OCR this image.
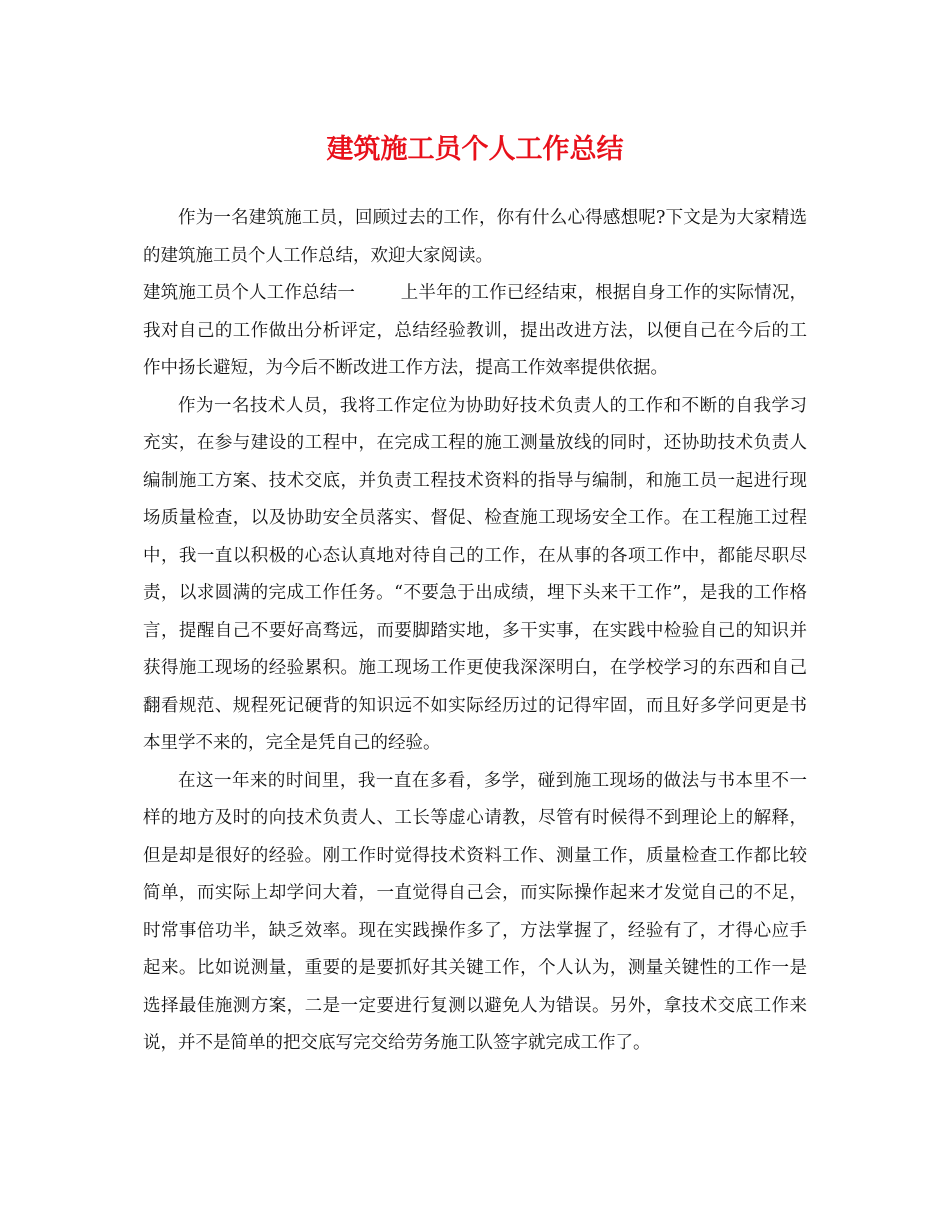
建筑施工员个人工作总结

作为一名建筑施工员，回顾过去的工作，你有什么心得感想呢?下文是为大家精选的建筑施工员个人工作总结，欢迎大家阅读。

建筑施工员个人工作总结一	上半年的工作已经结束，根据自身工作的实际情况，我对自己的工作做出分析评定，总结经验教训，提出改进方法，以便自己在今后的工作中扬长避短，为今后不断改进工作方法，提高工作效率提供依据。

作为一名技术人员，我将工作定位为协助好技术负责人的工作和不断的自我学习充实，在参与建设的工程中，在完成工程的施工测量放线的同时，还协助技术负责人编制施工方案、技术交底，并负责工程技术资料的指导与编制，和施工员一起进行现场质量检查，以及协助安全员落实、督促、检查施工现场安全工作。在工程施工过程中，我一直以积极的心态认真地对待自己的工作，在从事的各项工作中，都能尽职尽责，以求圆满的完成工作任务。“不要急于出成绩，埋下头来干工作”，是我的工作格言，提醒自己不要好高骛远，而要脚踏实地，多干实事，在实践中检验自己的知识并获得施工现场的经验累积。施工现场工作更使我深深明白，在学校学习的东西和自己翻看规范、规程死记硬背的知识远不如实际经历过的记得牢固，而且好多学问更是书本里学不来的，完全是凭自己的经验。

在这一年来的时间里，我一直在多看，多学，碰到施工现场的做法与书本里不一样的地方及时的向技术负责人、工长等虚心请教，尽管有时候得不到理论上的解释，但是却是很好的经验。刚工作时觉得技术资料工作、测量工作，质量检查工作都比较简单，而实际上却学问大着，一直觉得自己会，而实际操作起来才发觉自己的不足，时常事倍功半，缺乏效率。现在实践操作多了，方法掌握了，经验有了，才得心应手起来。比如说测量，重要的是要抓好其关键工作，个人认为，测量关键性的工作一是选择最佳施测方案，二是一定要进行复测以避免人为错误。另外，拿技术交底工作来说，并不是简单的把交底写完交给劳务施工队签字就完成工作了。
